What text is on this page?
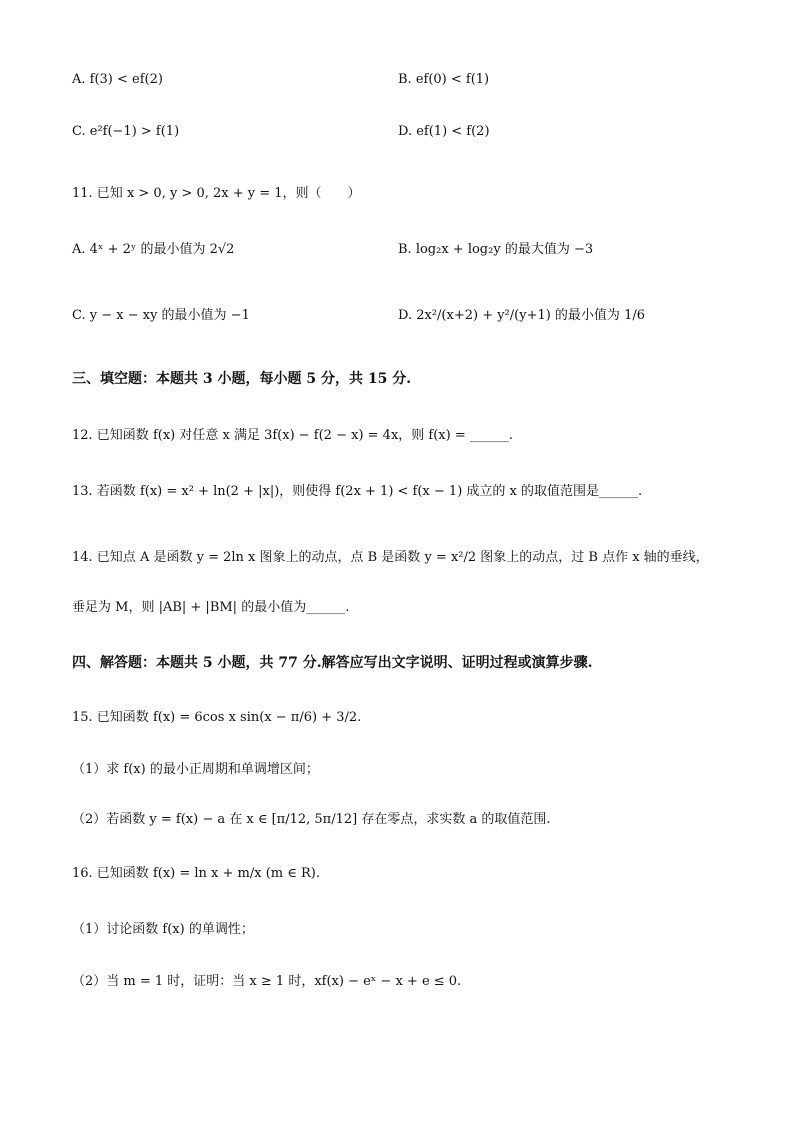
A. f(3) < ef(2)	B. ef(0) < f(1)
C. e²f(−1) > f(1)	D. ef(1) < f(2)
11. 已知 x > 0, y > 0, 2x + y = 1，则（　　）
A. 4ˣ + 2ʸ 的最小值为 2√2	B. log₂x + log₂y 的最大值为 −3
C. y − x − xy 的最小值为 −1	D. 2x²/(x+2) + y²/(y+1) 的最小值为 1/6
三、填空题：本题共 3 小题，每小题 5 分，共 15 分.
12. 已知函数 f(x) 对任意 x 满足 3f(x) − f(2 − x) = 4x，则 f(x) = ______.
13. 若函数 f(x) = x² + ln(2 + |x|)，则使得 f(2x + 1) < f(x − 1) 成立的 x 的取值范围是______.
14. 已知点 A 是函数 y = 2ln x 图象上的动点，点 B 是函数 y = x²/2 图象上的动点，过 B 点作 x 轴的垂线，
垂足为 M，则 |AB| + |BM| 的最小值为______.
四、解答题：本题共 5 小题，共 77 分.解答应写出文字说明、证明过程或演算步骤.
15. 已知函数 f(x) = 6cos x sin(x − π/6) + 3/2.
（1）求 f(x) 的最小正周期和单调增区间；
（2）若函数 y = f(x) − a 在 x ∈ [π/12, 5π/12] 存在零点，求实数 a 的取值范围.
16. 已知函数 f(x) = ln x + m/x (m ∈ R).
（1）讨论函数 f(x) 的单调性；
（2）当 m = 1 时，证明：当 x ≥ 1 时，xf(x) − eˣ − x + e ≤ 0.
